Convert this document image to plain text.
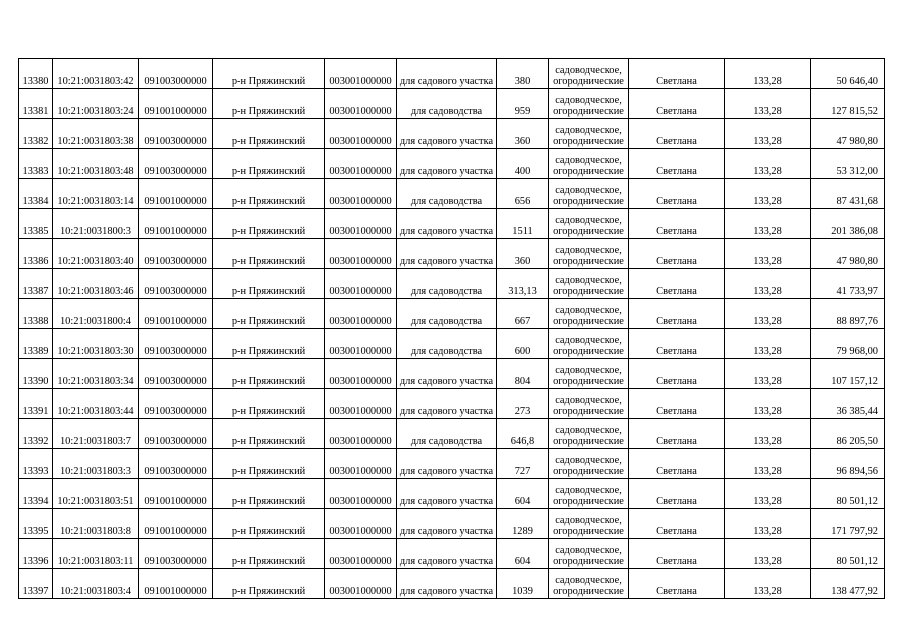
13380	10:21:0031803:42	091003000000	р-н Пряжинский	003001000000	для садового участка	380	садоводческое,
огороднические	Светлана	133,28	50 646,40
13381	10:21:0031803:24	091001000000	р-н Пряжинский	003001000000	для садоводства	959	садоводческое,
огороднические	Светлана	133,28	127 815,52
13382	10:21:0031803:38	091003000000	р-н Пряжинский	003001000000	для садового участка	360	садоводческое,
огороднические	Светлана	133,28	47 980,80
13383	10:21:0031803:48	091003000000	р-н Пряжинский	003001000000	для садового участка	400	садоводческое,
огороднические	Светлана	133,28	53 312,00
13384	10:21:0031803:14	091001000000	р-н Пряжинский	003001000000	для садоводства	656	садоводческое,
огороднические	Светлана	133,28	87 431,68
13385	10:21:0031800:3	091001000000	р-н Пряжинский	003001000000	для садового участка	1511	садоводческое,
огороднические	Светлана	133,28	201 386,08
13386	10:21:0031803:40	091003000000	р-н Пряжинский	003001000000	для садового участка	360	садоводческое,
огороднические	Светлана	133,28	47 980,80
13387	10:21:0031803:46	091003000000	р-н Пряжинский	003001000000	для садоводства	313,13	садоводческое,
огороднические	Светлана	133,28	41 733,97
13388	10:21:0031800:4	091001000000	р-н Пряжинский	003001000000	для садоводства	667	садоводческое,
огороднические	Светлана	133,28	88 897,76
13389	10:21:0031803:30	091003000000	р-н Пряжинский	003001000000	для садоводства	600	садоводческое,
огороднические	Светлана	133,28	79 968,00
13390	10:21:0031803:34	091003000000	р-н Пряжинский	003001000000	для садового участка	804	садоводческое,
огороднические	Светлана	133,28	107 157,12
13391	10:21:0031803:44	091003000000	р-н Пряжинский	003001000000	для садового участка	273	садоводческое,
огороднические	Светлана	133,28	36 385,44
13392	10:21:0031803:7	091003000000	р-н Пряжинский	003001000000	для садоводства	646,8	садоводческое,
огороднические	Светлана	133,28	86 205,50
13393	10:21:0031803:3	091003000000	р-н Пряжинский	003001000000	для садового участка	727	садоводческое,
огороднические	Светлана	133,28	96 894,56
13394	10:21:0031803:51	091001000000	р-н Пряжинский	003001000000	для садового участка	604	садоводческое,
огороднические	Светлана	133,28	80 501,12
13395	10:21:0031803:8	091001000000	р-н Пряжинский	003001000000	для садового участка	1289	садоводческое,
огороднические	Светлана	133,28	171 797,92
13396	10:21:0031803:11	091003000000	р-н Пряжинский	003001000000	для садового участка	604	садоводческое,
огороднические	Светлана	133,28	80 501,12
13397	10:21:0031803:4	091001000000	р-н Пряжинский	003001000000	для садового участка	1039	садоводческое,
огороднические	Светлана	133,28	138 477,92
